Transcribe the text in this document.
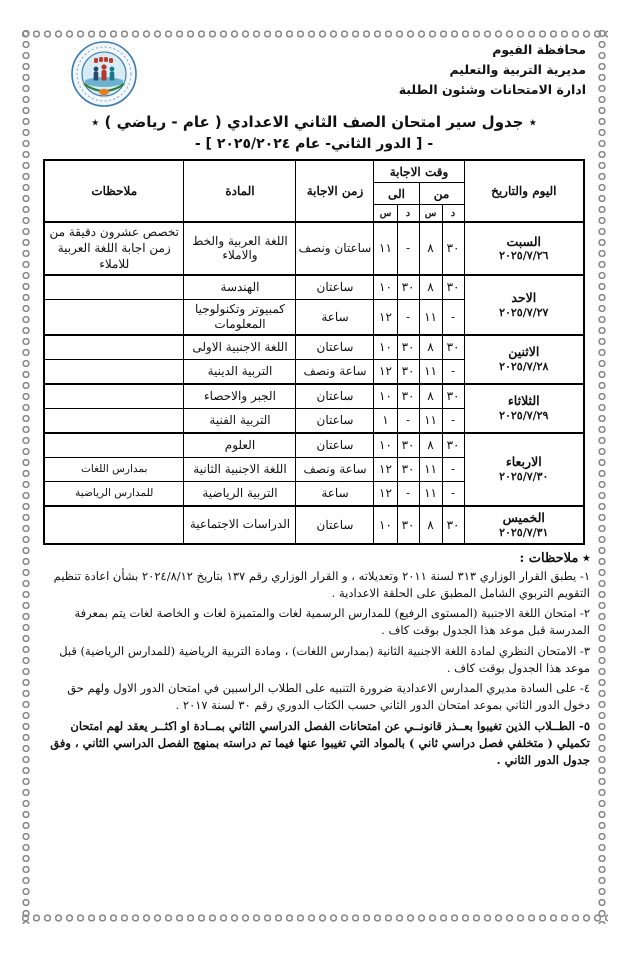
محافظة الفيوم
مديرية التربية والتعليم
ادارة الامتحانات وشئون الطلبة
٭ جدول سير امتحان الصف الثاني الاعدادي ( عام - رياضي ) ٭
- [ الدور الثاني- عام ٢٠٢٥/٢٠٢٤ ] -
اليوم والتاريخ	وقت الاجابة				زمن الاجابة	المادة	ملاحظات
	من		الى				
	د	س	د	س			

السبت
٢٠٢٥/٧/٢٦	٣٠	٨	-	١١	ساعتان ونصف	اللغة العربية والخط والاملاء	تخصص عشرون دقيقة من زمن اجابة اللغة العربية للاملاء

الاحد
٢٠٢٥/٧/٢٧	٣٠	٨	٣٠	١٠	ساعتان	الهندسة	
	-	١١	-	١٢	ساعة	كمبيوتر وتكنولوجيا المعلومات	

الاثنين
٢٠٢٥/٧/٢٨	٣٠	٨	٣٠	١٠	ساعتان	اللغة الاجنبية الاولى	
	-	١١	٣٠	١٢	ساعة ونصف	التربية الدينية	

الثلاثاء
٢٠٢٥/٧/٢٩	٣٠	٨	٣٠	١٠	ساعتان	الجبر والاحصاء	
	-	١١	-	١	ساعتان	التربية الفنية	

الاربعاء
٢٠٢٥/٧/٣٠	٣٠	٨	٣٠	١٠	ساعتان	العلوم	
	-	١١	٣٠	١٢	ساعة ونصف	اللغة الاجنبية الثانية	بمدارس اللغات
	-	١١	-	١٢	ساعة	التربية الرياضية	للمدارس الرياضية

الخميس
٢٠٢٥/٧/٣١	٣٠	٨	٣٠	١٠	ساعتان	الدراسات الاجتماعية	
٭ ملاحظات :

١- يطبق القرار الوزاري ٣١٣ لسنة ٢٠١١ وتعديلاته ، و القرار الوزاري رقم ١٣٧ بتاريخ ٢٠٢٤/٨/١٢ بشأن اعادة تنظيم التقويم التربوي الشامل المطبق على الحلقة الاعدادية .

٢- امتحان اللغة الاجنبية (المستوى الرفيع) للمدارس الرسمية لغات والمتميزة لغات و الخاصة لغات يتم بمعرفة المدرسة قبل موعد هذا الجدول بوقت كاف .

٣- الامتحان النظري لمادة اللغة الاجنبية الثانية (بمدارس اللغات) ، ومادة التربية الرياضية (للمدارس الرياضية) قبل موعد هذا الجدول بوقت كاف .

٤- على السادة مديري المدارس الاعدادية ضرورة التنبيه على الطلاب الراسبين في امتحان الدور الاول ولهم حق دخول الدور الثاني بموعد امتحان الدور الثاني حسب الكتاب الدوري رقم ٣٠ لسنة ٢٠١٧ .

٥- الطــلاب الذين تغيبوا بعــذر قانونــي عن امتحانات الفصل الدراسي الثاني بمــادة او اكثــر يعقد لهم امتحان تكميلي ( متخلفي فصل دراسي ثاني ) بالمواد التي تغيبوا عنها فيما تم دراسته بمنهج الفصل الدراسي الثاني ، وفق جدول الدور الثاني .
